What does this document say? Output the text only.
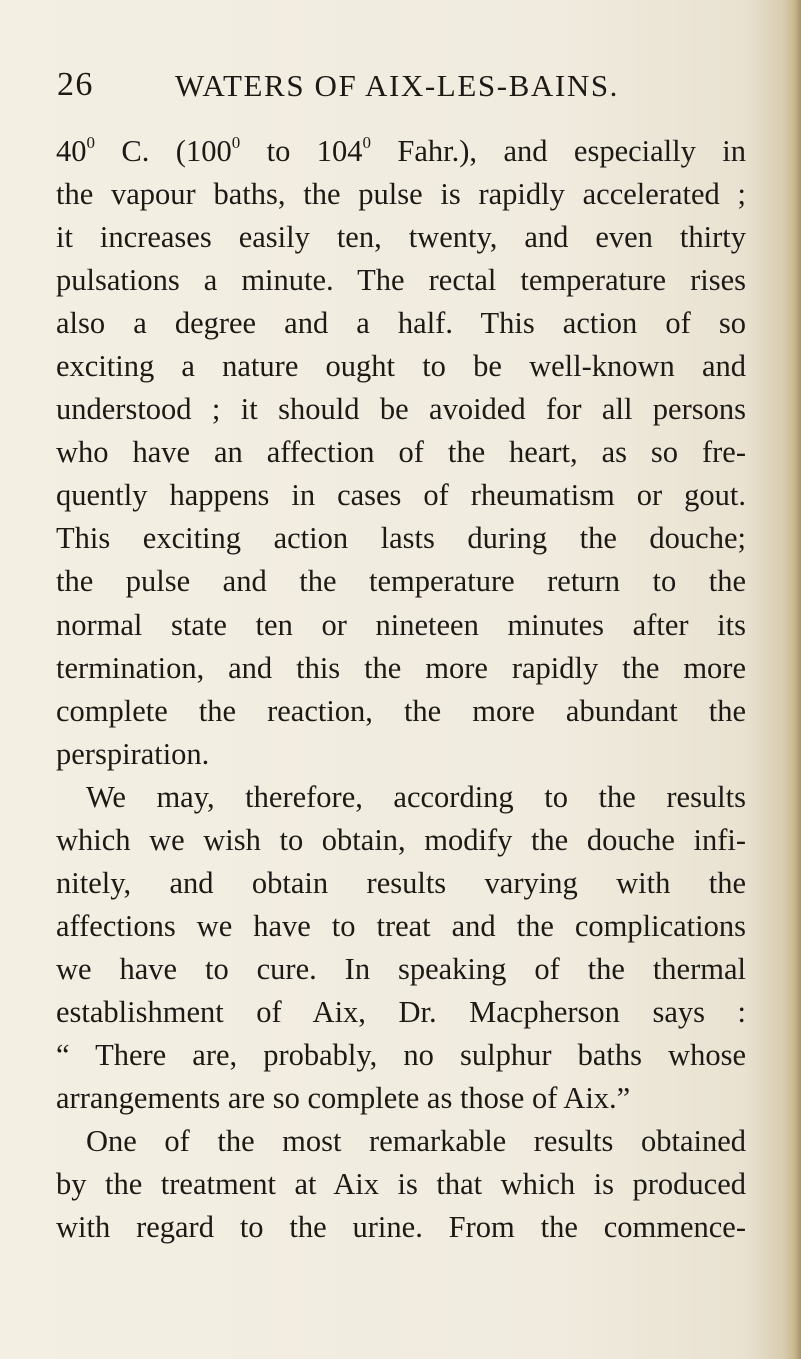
26	WATERS OF AIX-LES-BAINS.
40$^0$ C. (100$^0$ to 104$^0$ Fahr.), and especially in
the vapour baths, the pulse is rapidly accelerated ;
it increases easily ten, twenty, and even thirty
pulsations a minute. The rectal temperature rises
also a degree and a half. This action of so
exciting a nature ought to be well-known and
understood ; it should be avoided for all persons
who have an affection of the heart, as so fre-
quently happens in cases of rheumatism or gout.
This exciting action lasts during the douche;
the pulse and the temperature return to the
normal state ten or nineteen minutes after its
termination, and this the more rapidly the more
complete the reaction, the more abundant the
perspiration.
We may, therefore, according to the results
which we wish to obtain, modify the douche infi-
nitely, and obtain results varying with the
affections we have to treat and the complications
we have to cure. In speaking of the thermal
establishment of Aix, Dr. Macpherson says :
“ There are, probably, no sulphur baths whose
arrangements are so complete as those of Aix.”
One of the most remarkable results obtained
by the treatment at Aix is that which is produced
with regard to the urine. From the commence-
